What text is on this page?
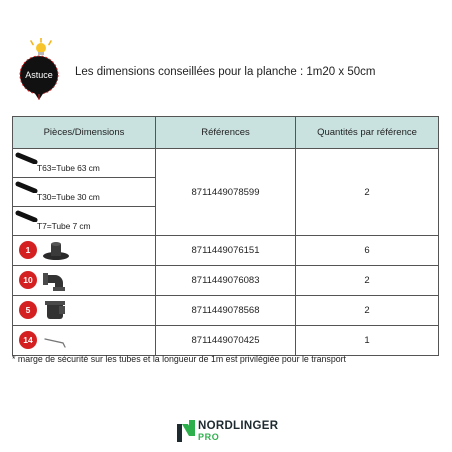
Astuce Les dimensions conseillées pour la planche : 1m20 x 50cm
Pièces/Dimensions	Références	Quantités par référence

T63=Tube 63 cm	8711449078599	2

T30=Tube 30 cm		

T7=Tube 7 cm		

1	8711449076151	6

10	8711449076083	2

5	8711449078568	2

14	8711449070425	1
* marge de sécurité sur les tubes et la longueur de 1m est privilégiée pour le transport
NORDLINGER
PRO
